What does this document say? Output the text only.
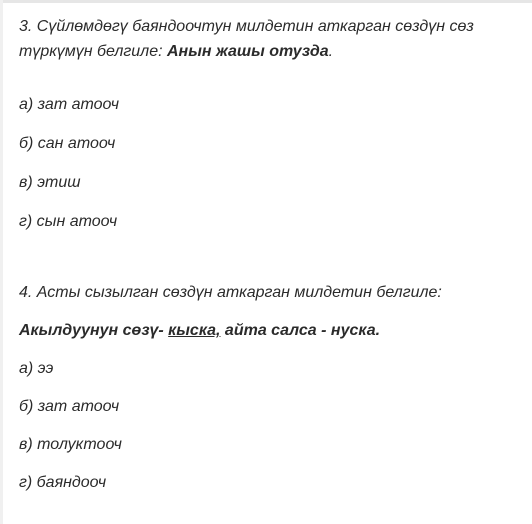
3. Сүйлөмдөгү баяндоочтун милдетин аткарган сөздүн сөз түркүмүн белгиле: Анын жашы отузда.

а) зат атооч

б) сан атооч

в) этиш

г) сын атооч

4. Асты сызылган сөздүн аткарган милдетин белгиле:

Акылдуунун сөзү- кыска, айта салса - нуска.

а) ээ

б) зат атооч

в) толуктооч

г) баяндооч
